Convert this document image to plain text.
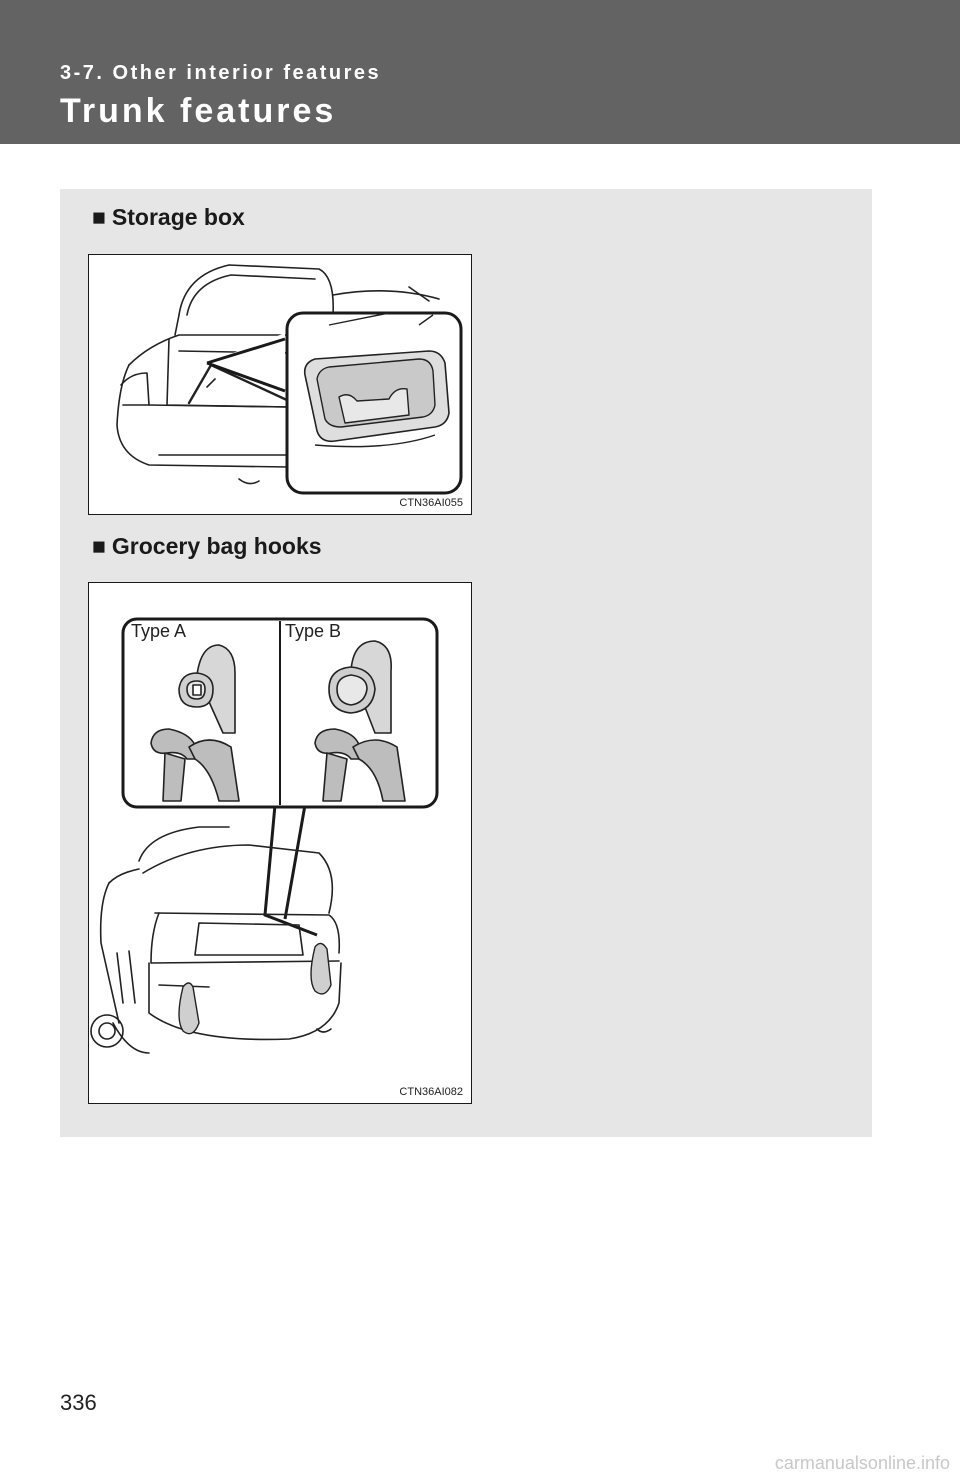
3-7. Other interior features

Trunk features
■ Storage box
CTN36AI055
■ Grocery bag hooks
Type A	Type B
CTN36AI082

336

carmanualsonline.info
